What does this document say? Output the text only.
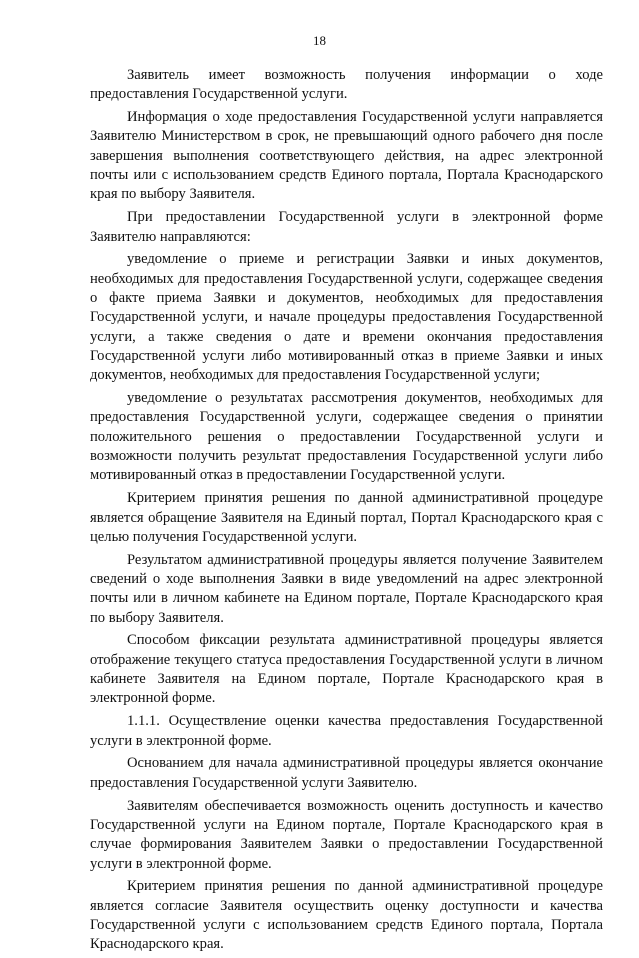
18

Заявитель имеет возможность получения информации о ходе предоставления Государственной услуги.

Информация о ходе предоставления Государственной услуги направляется Заявителю Министерством в срок, не превышающий одного рабочего дня после завершения выполнения соответствующего действия, на адрес электронной почты или с использованием средств Единого портала, Портала Краснодарского края по выбору Заявителя.

При предоставлении Государственной услуги в электронной форме Заявителю направляются:

уведомление о приеме и регистрации Заявки и иных документов, необходимых для предоставления Государственной услуги, содержащее сведения о факте приема Заявки и документов, необходимых для предоставления Государственной услуги, и начале процедуры предоставления Государственной услуги, а также сведения о дате и времени окончания предоставления Государственной услуги либо мотивированный отказ в приеме Заявки и иных документов, необходимых для предоставления Государственной услуги;

уведомление о результатах рассмотрения документов, необходимых для предоставления Государственной услуги, содержащее сведения о принятии положительного решения о предоставлении Государственной услуги и возможности получить результат предоставления Государственной услуги либо мотивированный отказ в предоставлении Государственной услуги.

Критерием принятия решения по данной административной процедуре является обращение Заявителя на Единый портал, Портал Краснодарского края с целью получения Государственной услуги.

Результатом административной процедуры является получение Заявителем сведений о ходе выполнения Заявки в виде уведомлений на адрес электронной почты или в личном кабинете на Едином портале, Портале Краснодарского края по выбору Заявителя.

Способом фиксации результата административной процедуры является отображение текущего статуса предоставления Государственной услуги в личном кабинете Заявителя на Едином портале, Портале Краснодарского края в электронной форме.

1.1.1. Осуществление оценки качества предоставления Государственной услуги в электронной форме.

Основанием для начала административной процедуры является окончание предоставления Государственной услуги Заявителю.

Заявителям обеспечивается возможность оценить доступность и качество Государственной услуги на Едином портале, Портале Краснодарского края в случае формирования Заявителем Заявки о предоставлении Государственной услуги в электронной форме.

Критерием принятия решения по данной административной процедуре является согласие Заявителя осуществить оценку доступности и качества Государственной услуги с использованием средств Единого портала, Портала Краснодарского края.
